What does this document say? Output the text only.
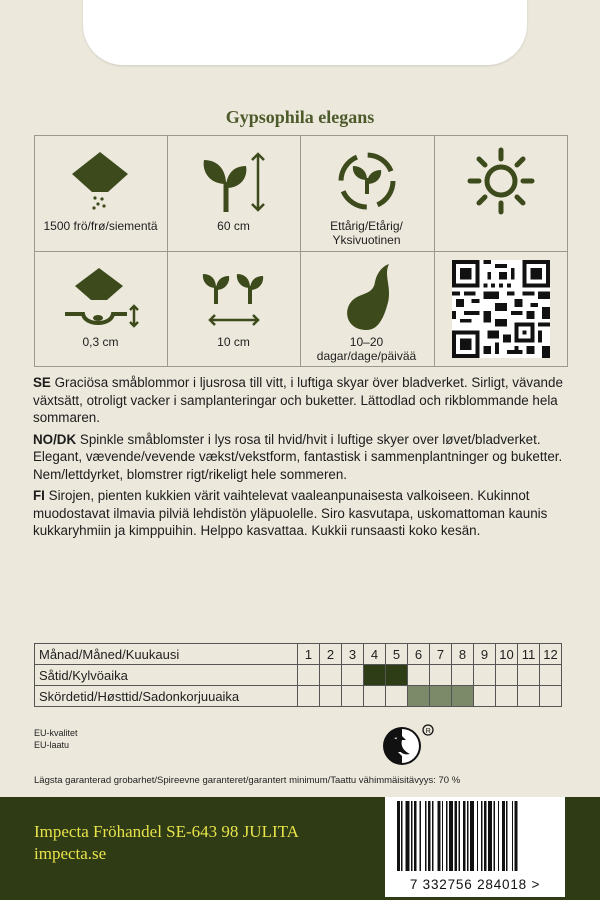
Gypsophila elegans
1500 frö/frø/siementä	60 cm	Ettårig/Etårig/
Yksivuotinen
0,3 cm	10 cm	10–20
dagar/dage/päivää

SE Graciösa småblommor i ljusrosa till vitt, i luftiga skyar över bladverket. Sirligt, vävande växtsätt, otroligt vacker i samplanteringar och buketter. Lättodlad och rikblommande hela sommaren.

NO/DK Spinkle småblomster i lys rosa til hvid/hvit i luftige skyer over løvet/bladverket. Elegant, vævende/vevende vækst/vekstform, fantastisk i sammenplantninger og buketter. Nem/lettdyrket, blomstrer rigt/rikeligt hele sommeren.

FI Sirojen, pienten kukkien värit vaihtelevat vaaleanpunaisesta valkoiseen. Kukinnot muodostavat ilmavia pilviä lehdistön yläpuolelle. Siro kasvutapa, uskomattoman kaunis kukkaryhmiin ja kimppuihin. Helppo kasvattaa. Kukkii runsaasti koko kesän.

Månad/Måned/Kuukausi	1	2	3	4	5	6	7	8	9	10	11	12
Såtid/Kylvöaika												
Skördetid/Høsttid/Sadonkorjuuaika												
EU-kvalitet
EU-laatu
R
Lägsta garanterad grobarhet/Spireevne garanteret/garantert minimum/Taattu vähimmäisitävyys: 70 %
Impecta Fröhandel SE-643 98 JULITA
impecta.se
7 332756 284018 >
